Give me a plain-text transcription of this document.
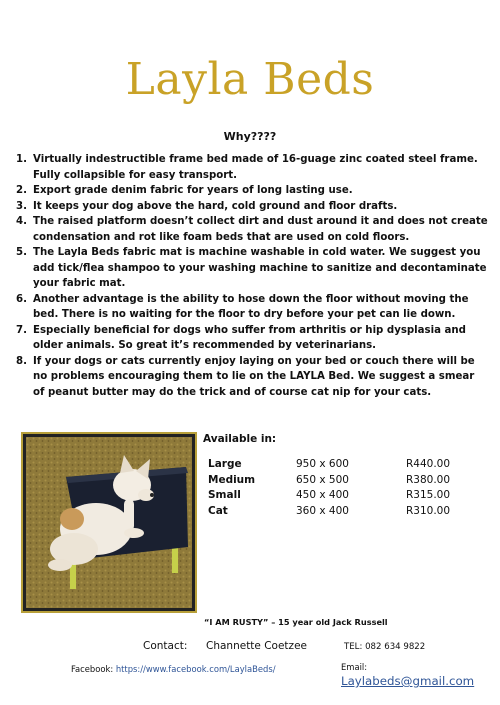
Layla Beds
Why????
1. Virtually indestructible frame bed made of 16-guage zinc coated steel frame. Fully collapsible for easy transport.
2. Export grade denim fabric for years of long lasting use.
3. It keeps your dog above the hard, cold ground and floor drafts.
4. The raised platform doesn’t collect dirt and dust around it and does not create condensation and rot like foam beds that are used on cold floors.
5. The Layla Beds fabric mat is machine washable in cold water. We suggest you add tick/flea shampoo to your washing machine to sanitize and decontaminate your fabric mat.
6. Another advantage is the ability to hose down the floor without moving the bed. There is no waiting for the floor to dry before your pet can lie down.
7. Especially beneficial for dogs who suffer from arthritis or hip dysplasia and older animals. So great it’s recommended by veterinarians.
8. If your dogs or cats currently enjoy laying on your bed or couch there will be no problems encouraging them to lie on the LAYLA Bed. We suggest a smear of peanut butter may do the trick and of course cat nip for your cats.
Available in:
Large	950 x 600	R440.00
Medium	650 x 500	R380.00
Small	450 x 400	R315.00
Cat	360 x 400	R310.00
“I AM RUSTY” – 15 year old Jack Russell
Contact: Channette Coetzee	TEL: 082 634 9822
Facebook: https://www.facebook.com/LaylaBeds/	Email: Laylabeds@gmail.com
